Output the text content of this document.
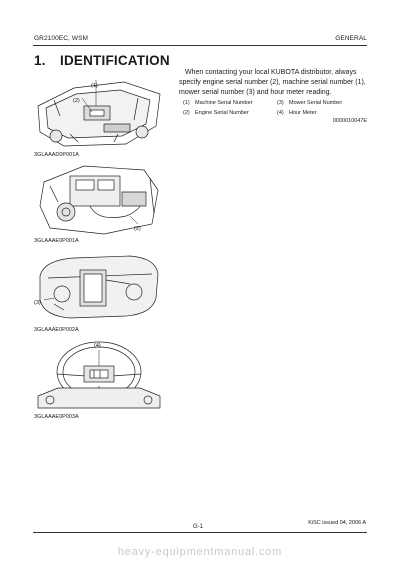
GR2100EC, WSM	GENERAL
1. IDENTIFICATION
When contacting your local KUBOTA distributor, always specify engine serial number (2), machine serial number (1), mower serial number (3) and hour meter reading.
(1) Machine Serial Number	(3) Mower Serial Number
(2) Engine Serial Number	(4) Hour Meter
0000010047E
(1)
(2)
3GLAAAD0P001A
(2)
3GLAAAE0P001A
(3)
3GLAAAE0P002A
(4)
3GLAAAE0P003A
KiSC issued 04, 2006 A
G-1
heavy-equipmentmanual.com
